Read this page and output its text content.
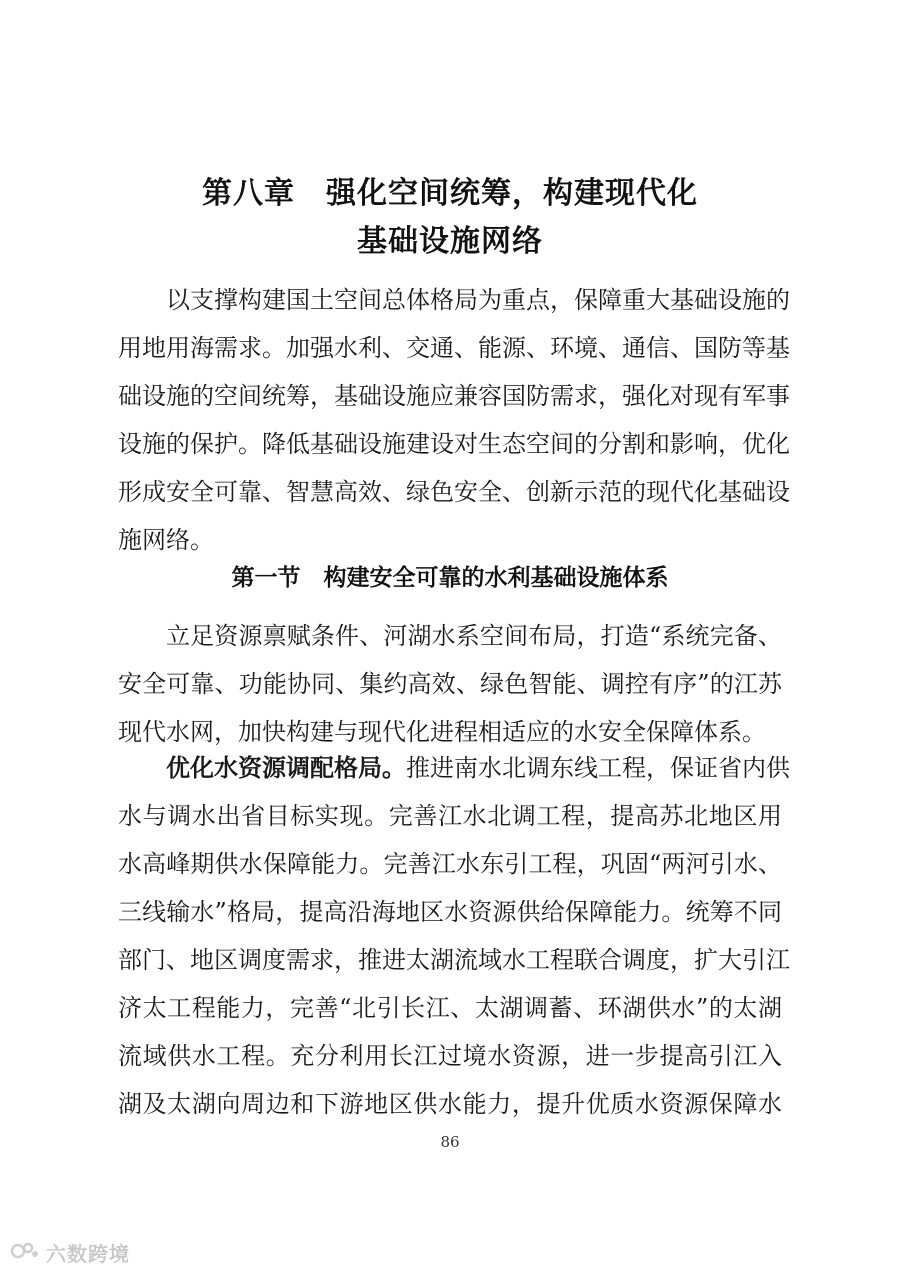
第八章　强化空间统筹，构建现代化
基础设施网络
以支撑构建国土空间总体格局为重点，保障重大基础设施的
用地用海需求。加强水利、交通、能源、环境、通信、国防等基
础设施的空间统筹，基础设施应兼容国防需求，强化对现有军事
设施的保护。降低基础设施建设对生态空间的分割和影响，优化
形成安全可靠、智慧高效、绿色安全、创新示范的现代化基础设
施网络。
第一节　构建安全可靠的水利基础设施体系
立足资源禀赋条件、河湖水系空间布局，打造“系统完备、
安全可靠、功能协同、集约高效、绿色智能、调控有序”的江苏
现代水网，加快构建与现代化进程相适应的水安全保障体系。
优化水资源调配格局。推进南水北调东线工程，保证省内供
水与调水出省目标实现。完善江水北调工程，提高苏北地区用
水高峰期供水保障能力。完善江水东引工程，巩固“两河引水、
三线输水”格局，提高沿海地区水资源供给保障能力。统筹不同
部门、地区调度需求，推进太湖流域水工程联合调度，扩大引江
济太工程能力，完善“北引长江、太湖调蓄、环湖供水”的太湖
流域供水工程。充分利用长江过境水资源，进一步提高引江入
湖及太湖向周边和下游地区供水能力，提升优质水资源保障水
86
六数跨境
